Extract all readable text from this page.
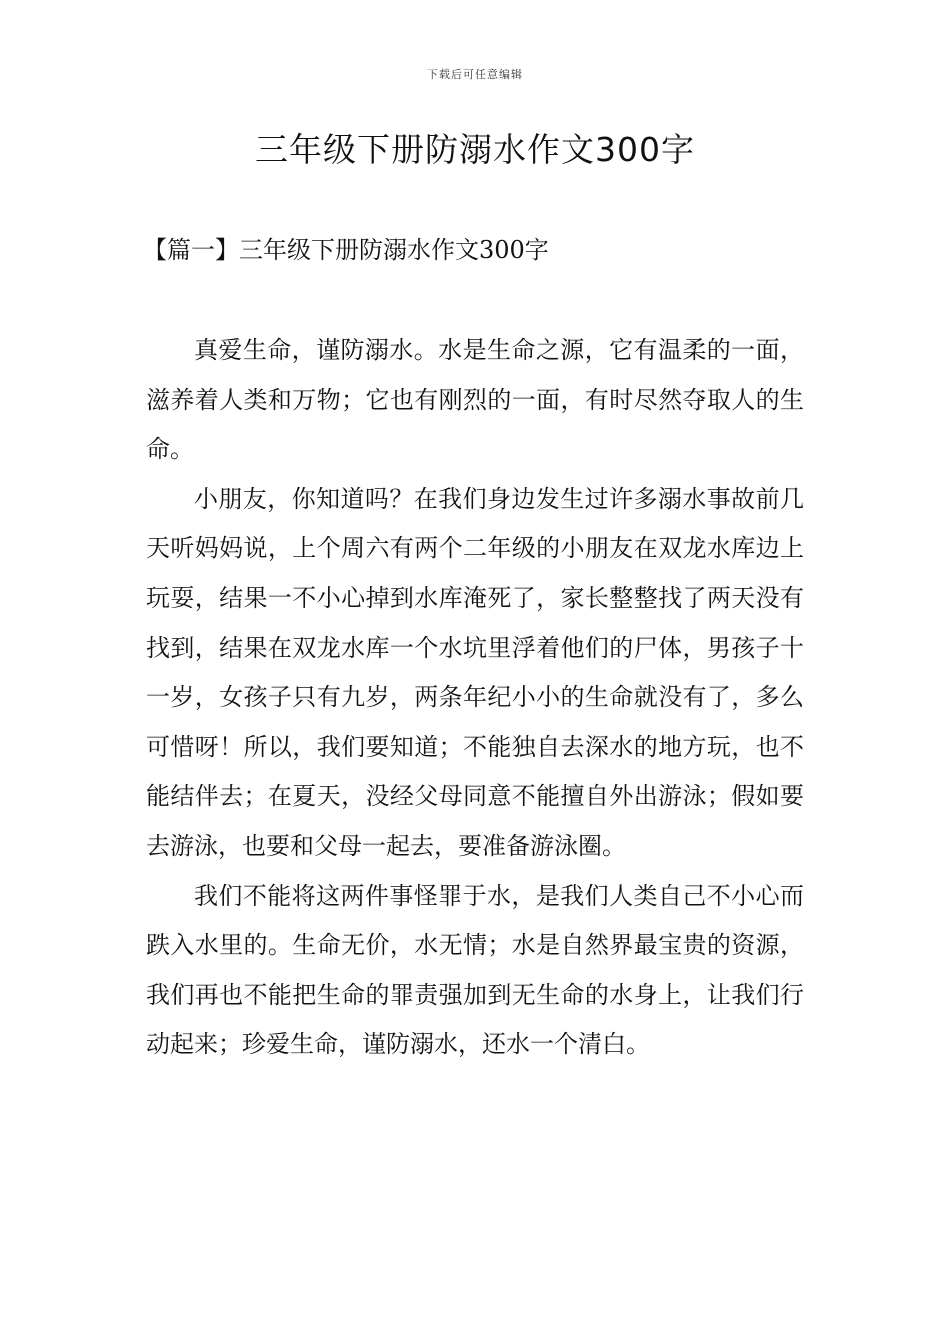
下载后可任意编辑
三年级下册防溺水作文300字
【篇一】三年级下册防溺水作文300字

真爱生命，谨防溺水。水是生命之源，它有温柔的一面，滋养着人类和万物；它也有刚烈的一面，有时尽然夺取人的生命。

小朋友，你知道吗？在我们身边发生过许多溺水事故前几天听妈妈说，上个周六有两个二年级的小朋友在双龙水库边上玩耍，结果一不小心掉到水库淹死了，家长整整找了两天没有找到，结果在双龙水库一个水坑里浮着他们的尸体，男孩子十一岁，女孩子只有九岁，两条年纪小小的生命就没有了，多么可惜呀！所以，我们要知道；不能独自去深水的地方玩，也不能结伴去；在夏天，没经父母同意不能擅自外出游泳；假如要去游泳，也要和父母一起去，要准备游泳圈。

我们不能将这两件事怪罪于水，是我们人类自己不小心而跌入水里的。生命无价，水无情；水是自然界最宝贵的资源，我们再也不能把生命的罪责强加到无生命的水身上，让我们行动起来；珍爱生命，谨防溺水，还水一个清白。
